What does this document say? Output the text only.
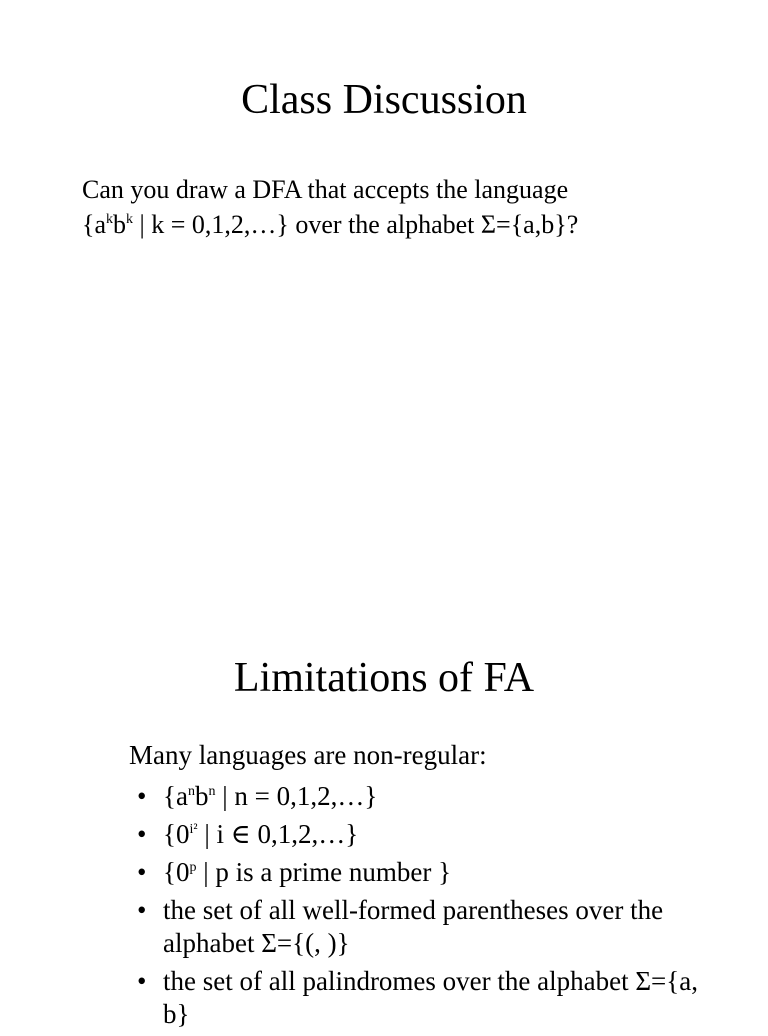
Class Discussion

Can you draw a DFA that accepts the language
{$a^kb^k$ | k = 0,1,2,…} over the alphabet Σ={a,b}?

Limitations of FA

Many languages are non-regular:

• {$a^nb^n$ | n = 0,1,2,…}
• {$0^{i^2}$ | i ∈ 0,1,2,…}
• {0$^p$ | p is a prime number }
• the set of all well-formed parentheses over the alphabet Σ={(, )}
• the set of all palindromes over the alphabet Σ={a, b}
